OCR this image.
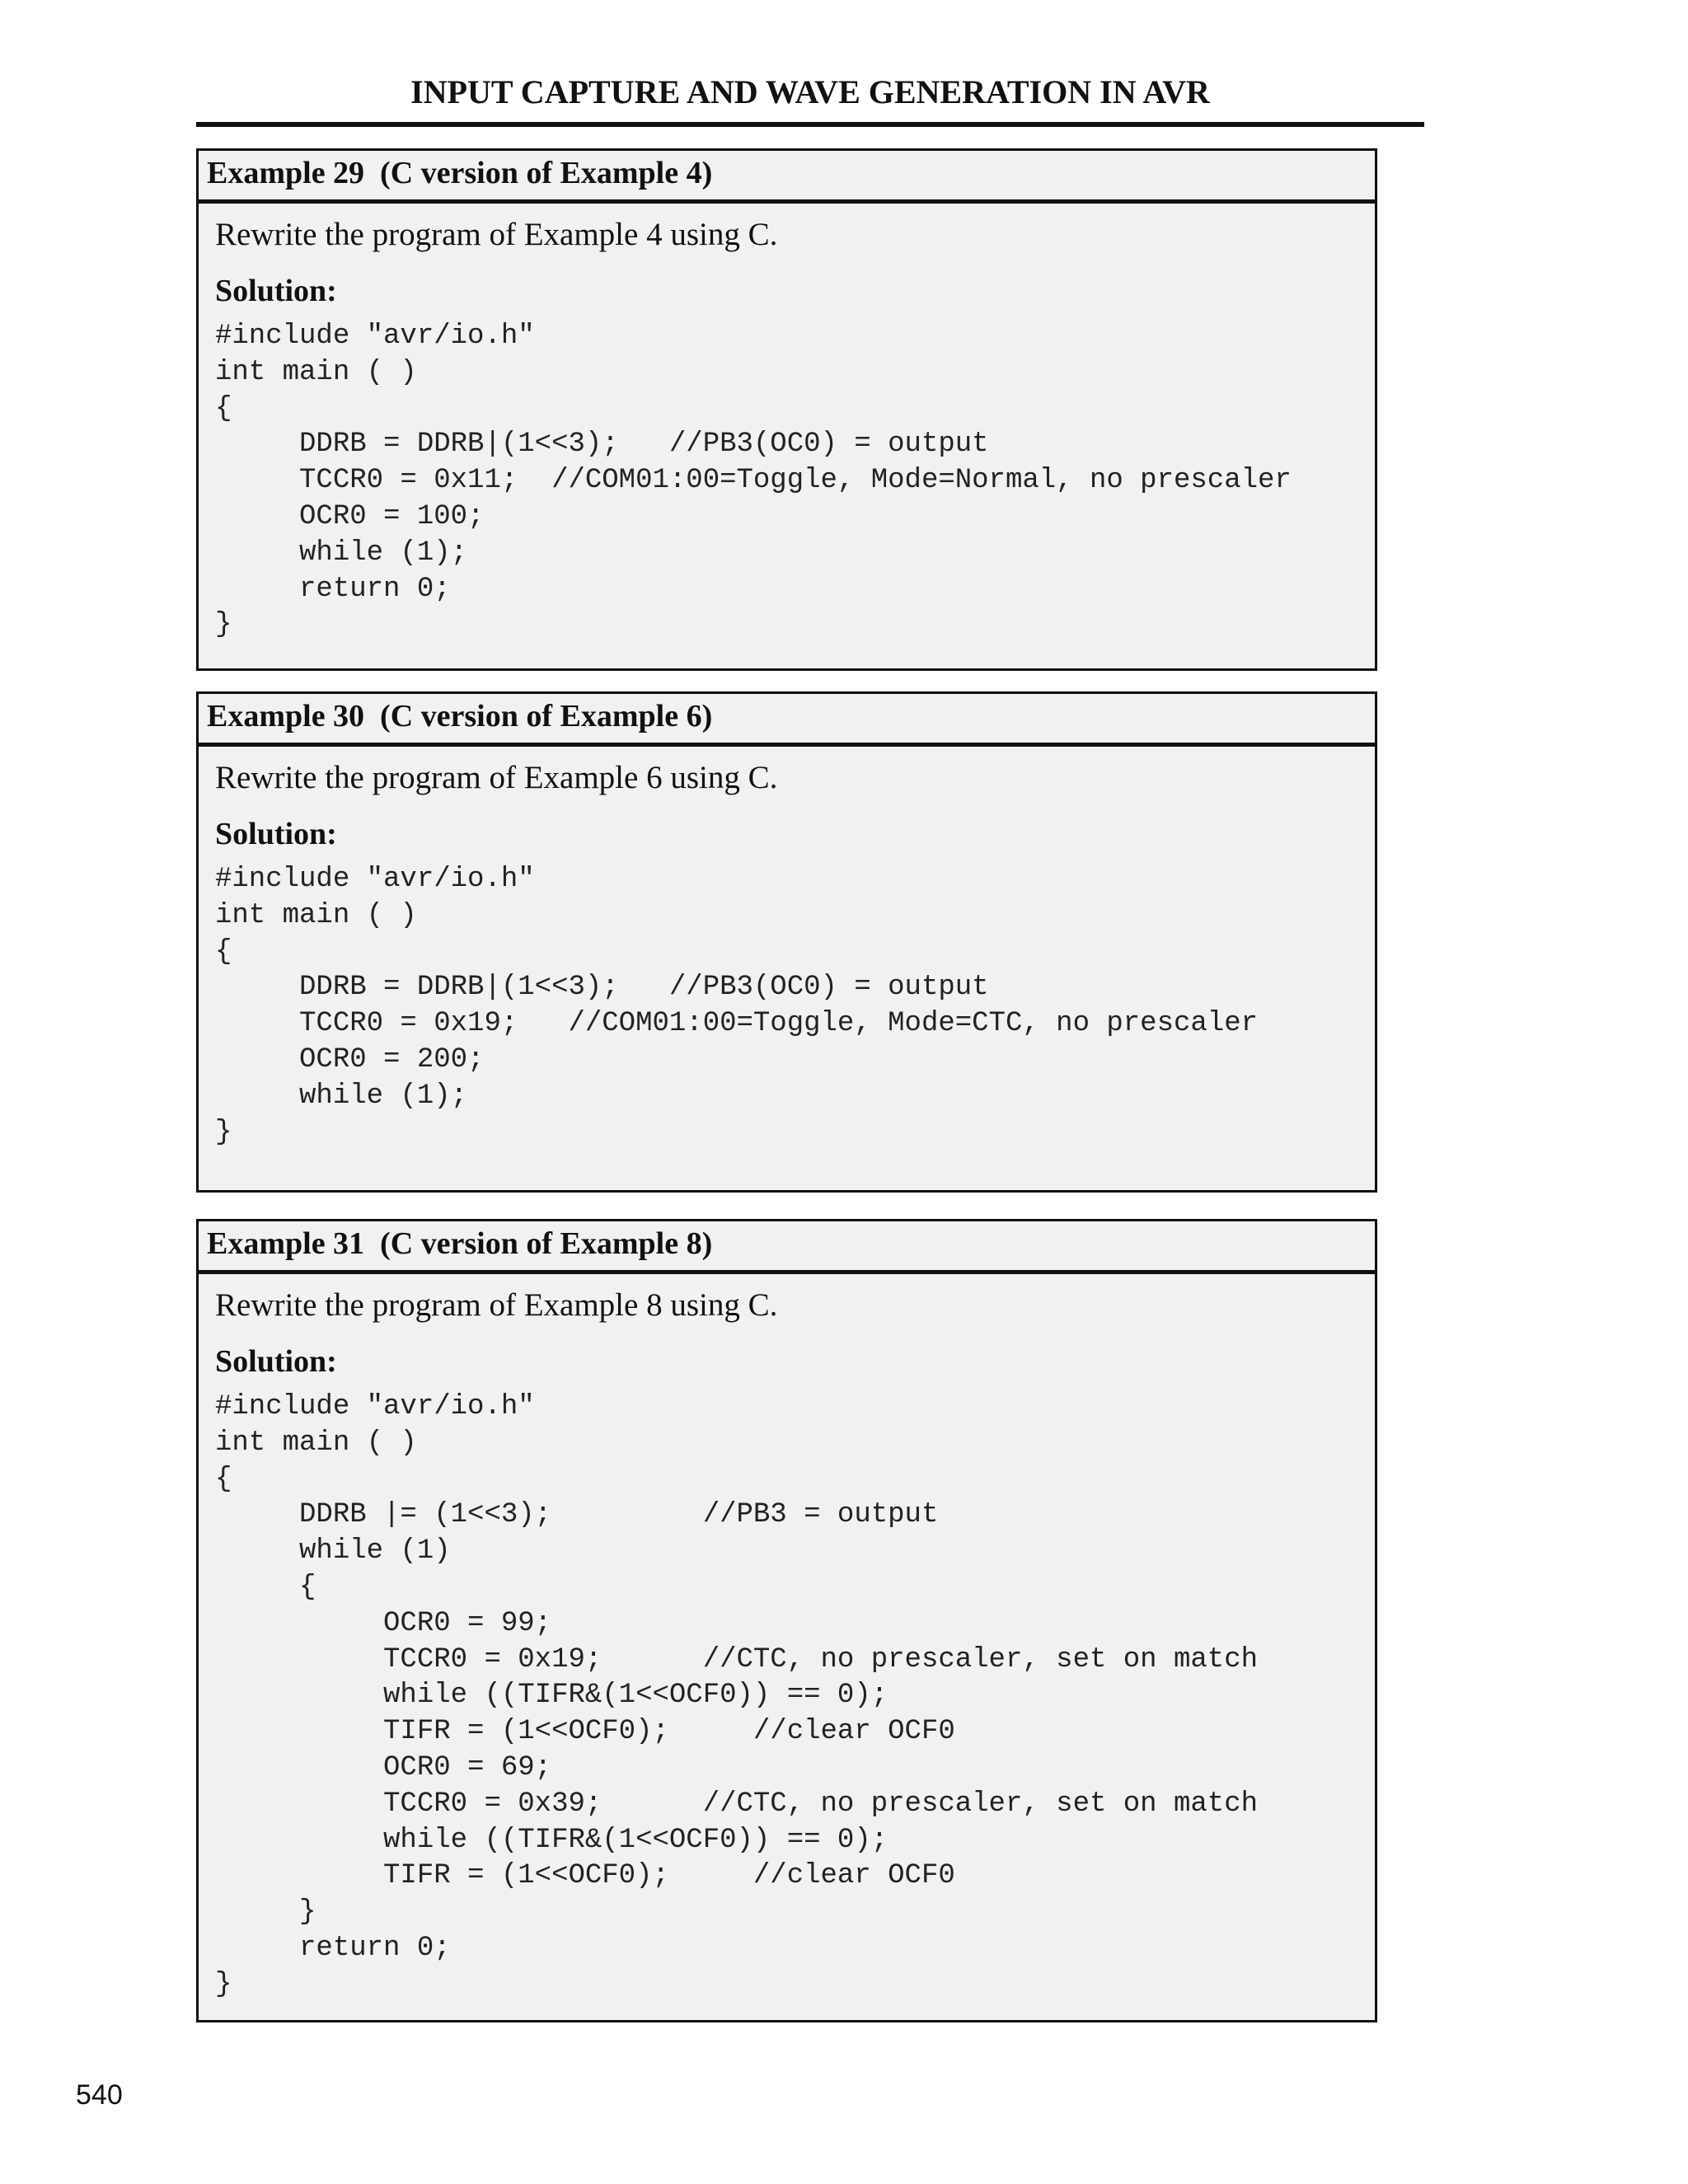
INPUT CAPTURE AND WAVE GENERATION IN AVR
Example 29  (C version of Example 4)
Rewrite the program of Example 4 using C.
Solution:
#include "avr/io.h"
int main ( )
{
DDRB = DDRB|(1<<3);   //PB3(OC0) = output
TCCR0 = 0x11;  //COM01:00=Toggle, Mode=Normal, no prescaler
OCR0 = 100;
while (1);
return 0;
}
Example 30  (C version of Example 6)
Rewrite the program of Example 6 using C.
Solution:
#include "avr/io.h"
int main ( )
{
DDRB = DDRB|(1<<3);   //PB3(OC0) = output
TCCR0 = 0x19;   //COM01:00=Toggle, Mode=CTC, no prescaler
OCR0 = 200;
while (1);
}
Example 31  (C version of Example 8)
Rewrite the program of Example 8 using C.
Solution:
#include "avr/io.h"
int main ( )
{
DDRB |= (1<<3);         //PB3 = output
while (1)
{
OCR0 = 99;
TCCR0 = 0x19;      //CTC, no prescaler, set on match
while ((TIFR&(1<<OCF0)) == 0);
TIFR = (1<<OCF0);     //clear OCF0
OCR0 = 69;
TCCR0 = 0x39;      //CTC, no prescaler, set on match
while ((TIFR&(1<<OCF0)) == 0);
TIFR = (1<<OCF0);     //clear OCF0
}
return 0;
}
540
